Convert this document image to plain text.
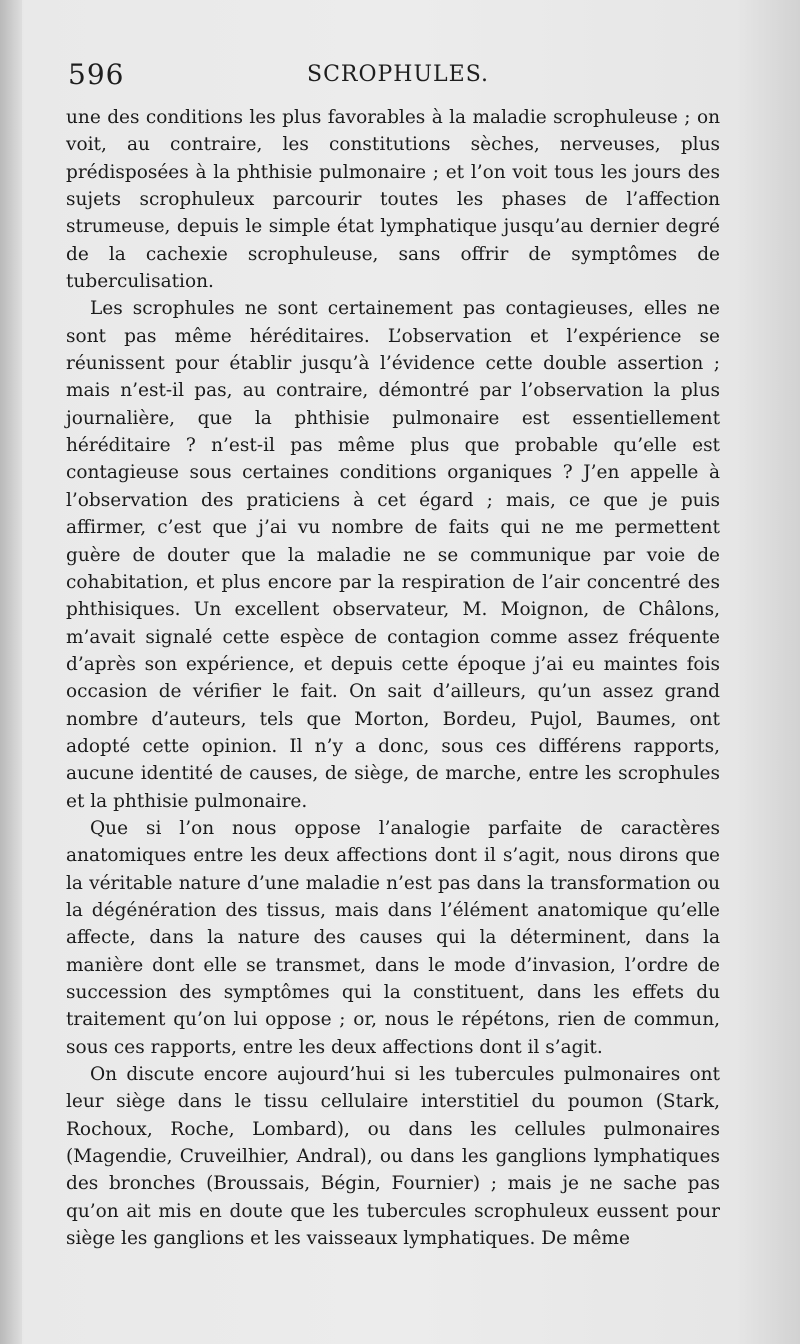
596	SCROPHULES.

une des conditions les plus favorables à la maladie scrophuleuse ; on voit, au contraire, les constitutions sèches, nerveuses, plus prédisposées à la phthisie pulmonaire ; et l’on voit tous les jours des sujets scrophuleux parcourir toutes les phases de l’affection strumeuse, depuis le simple état lymphatique jusqu’au dernier degré de la cachexie scrophuleuse, sans offrir de symptômes de tuberculisation.

Les scrophules ne sont certainement pas contagieuses, elles ne sont pas même héréditaires. L’observation et l’expérience se réunissent pour établir jusqu’à l’évidence cette double assertion ; mais n’est-il pas, au contraire, démontré par l’observation la plus journalière, que la phthisie pulmonaire est essentiellement héréditaire ? n’est-il pas même plus que probable qu’elle est contagieuse sous certaines conditions organiques ? J’en appelle à l’observation des praticiens à cet égard ; mais, ce que je puis affirmer, c’est que j’ai vu nombre de faits qui ne me permettent guère de douter que la maladie ne se communique par voie de cohabitation, et plus encore par la respiration de l’air concentré des phthisiques. Un excellent observateur, M. Moignon, de Châlons, m’avait signalé cette espèce de contagion comme assez fréquente d’après son expérience, et depuis cette époque j’ai eu maintes fois occasion de vérifier le fait. On sait d’ailleurs, qu’un assez grand nombre d’auteurs, tels que Morton, Bordeu, Pujol, Baumes, ont adopté cette opinion. Il n’y a donc, sous ces différens rapports, aucune identité de causes, de siège, de marche, entre les scrophules et la phthisie pulmonaire.

Que si l’on nous oppose l’analogie parfaite de caractères anatomiques entre les deux affections dont il s’agit, nous dirons que la véritable nature d’une maladie n’est pas dans la transformation ou la dégénération des tissus, mais dans l’élément anatomique qu’elle affecte, dans la nature des causes qui la déterminent, dans la manière dont elle se transmet, dans le mode d’invasion, l’ordre de succession des symptômes qui la constituent, dans les effets du traitement qu’on lui oppose ; or, nous le répétons, rien de commun, sous ces rapports, entre les deux affections dont il s’agit.

On discute encore aujourd’hui si les tubercules pulmonaires ont leur siège dans le tissu cellulaire interstitiel du poumon (Stark, Rochoux, Roche, Lombard), ou dans les cellules pulmonaires (Magendie, Cruveilhier, Andral), ou dans les ganglions lymphatiques des bronches (Broussais, Bégin, Fournier) ; mais je ne sache pas qu’on ait mis en doute que les tubercules scrophuleux eussent pour siège les ganglions et les vaisseaux lymphatiques. De même
